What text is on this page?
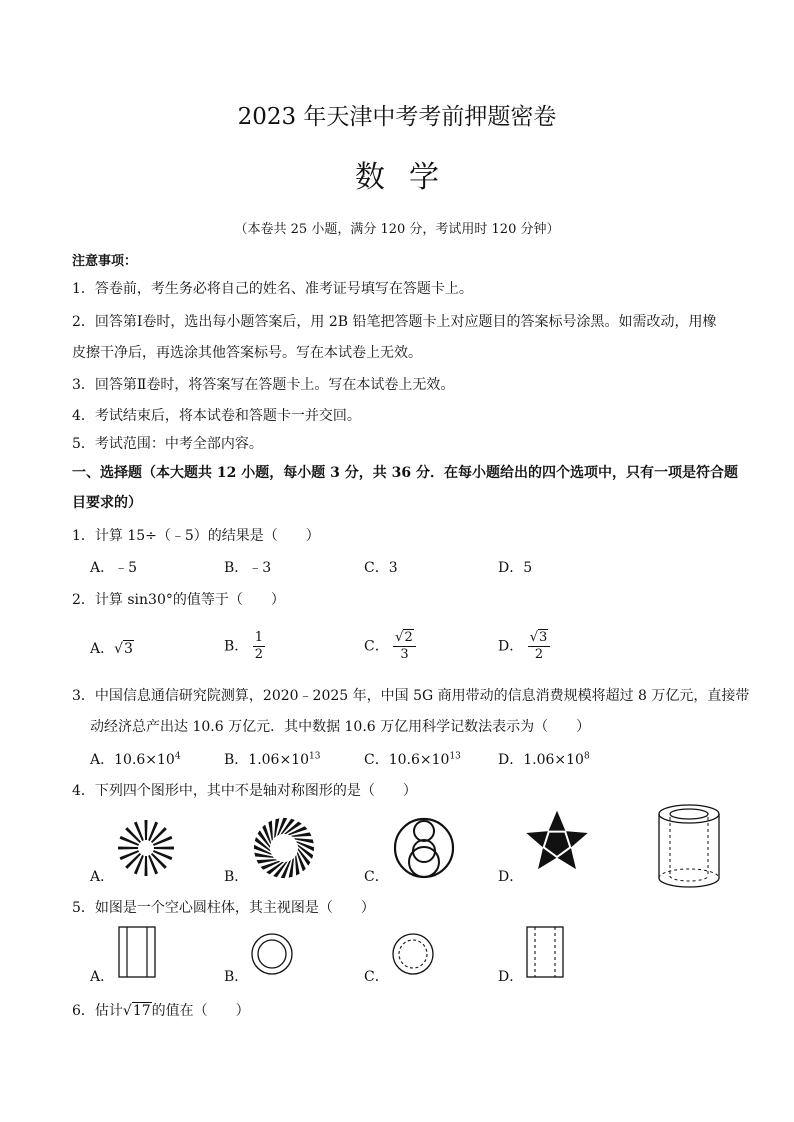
2023 年天津中考考前押题密卷
数学
（本卷共 25 小题，满分 120 分，考试用时 120 分钟）
注意事项：
1．答卷前，考生务必将自己的姓名、准考证号填写在答题卡上。
2．回答第Ⅰ卷时，选出每小题答案后，用 2B 铅笔把答题卡上对应题目的答案标号涂黑。如需改动，用橡
皮擦干净后，再选涂其他答案标号。写在本试卷上无效。
3．回答第Ⅱ卷时，将答案写在答题卡上。写在本试卷上无效。
4．考试结束后，将本试卷和答题卡一并交回。
5．考试范围：中考全部内容。
一、选择题（本大题共 12 小题，每小题 3 分，共 36 分．在每小题给出的四个选项中，只有一项是符合题
目要求的）
1．计算 15÷（﹣5）的结果是（　　）
A．﹣5	B．﹣3	C．3	D．5
2．计算 sin30°的值等于（　　）
A．√3	B． $\frac{1}{2}$	C． $\frac{√2}{3}$	D． $\frac{√3}{2}$
3．中国信息通信研究院测算，2020﹣2025 年，中国 5G 商用带动的信息消费规模将超过 8 万亿元，直接带
动经济总产出达 10.6 万亿元．其中数据 10.6 万亿用科学记数法表示为（　　）
A．$10.6\times 10^4$	B．$1.06\times 10^{13}$	C．$10.6\times 10^{13}$	D．$1.06\times 10^8$
4．下列四个图形中，其中不是轴对称图形的是（　　）
A．	B．	C．	D．
5．如图是一个空心圆柱体，其主视图是（　　）
A．	B．	C．	D．
6．估计√17的值在（　　）
